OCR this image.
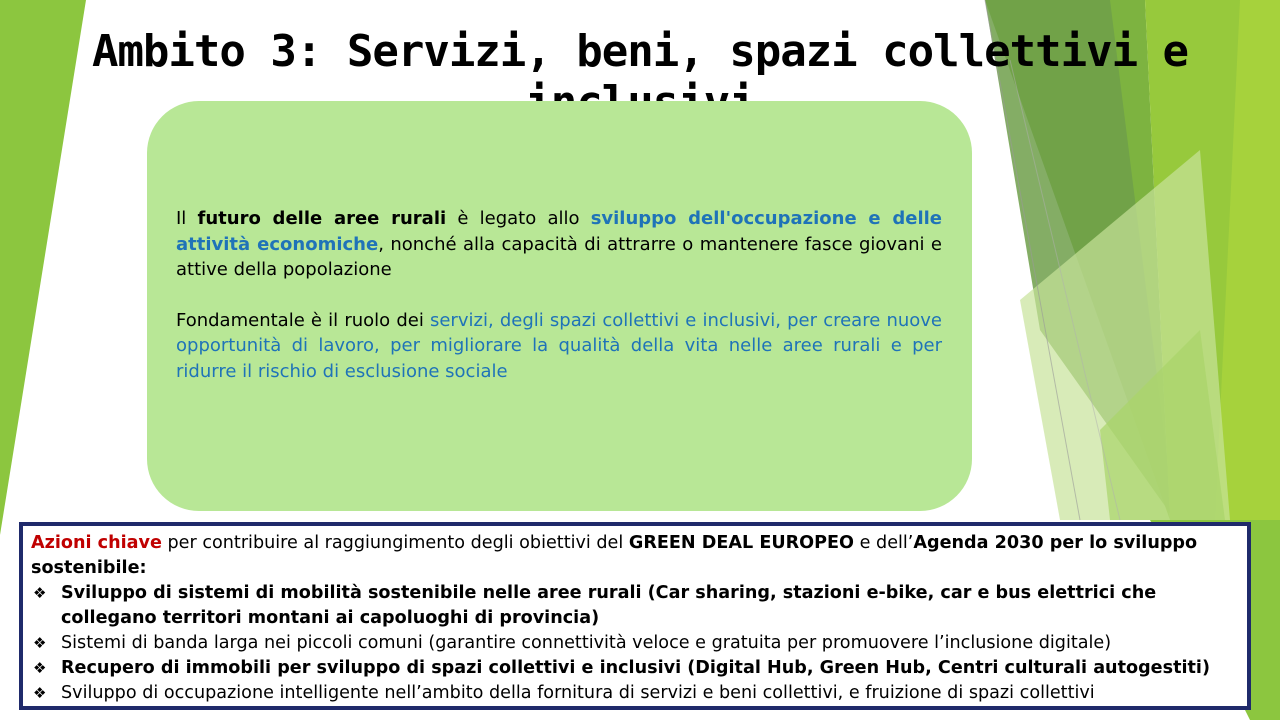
Ambito 3: Servizi, beni, spazi collettivi e

Il futuro delle aree rurali è legato allo sviluppo dell'occupazione e delle attività economiche, nonché alla capacità di attrarre o mantenere fasce giovani e attive della popolazione

Fondamentale è il ruolo dei servizi, degli spazi collettivi e inclusivi, per creare nuove opportunità di lavoro, per migliorare la qualità della vita nelle aree rurali e per ridurre il rischio di esclusione sociale

Azioni chiave per contribuire al raggiungimento degli obiettivi del GREEN DEAL EUROPEO e dell’Agenda 2030 per lo sviluppo sostenibile:
❖ Sviluppo di sistemi di mobilità sostenibile nelle aree rurali (Car sharing, stazioni e-bike, car e bus elettrici che collegano territori montani ai capoluoghi di provincia)
❖ Sistemi di banda larga nei piccoli comuni (garantire connettività veloce e gratuita per promuovere l’inclusione digitale)
❖ Recupero di immobili per sviluppo di spazi collettivi e inclusivi (Digital Hub, Green Hub, Centri culturali autogestiti)
❖ Sviluppo di occupazione intelligente nell’ambito della fornitura di servizi e beni collettivi, e fruizione di spazi collettivi
